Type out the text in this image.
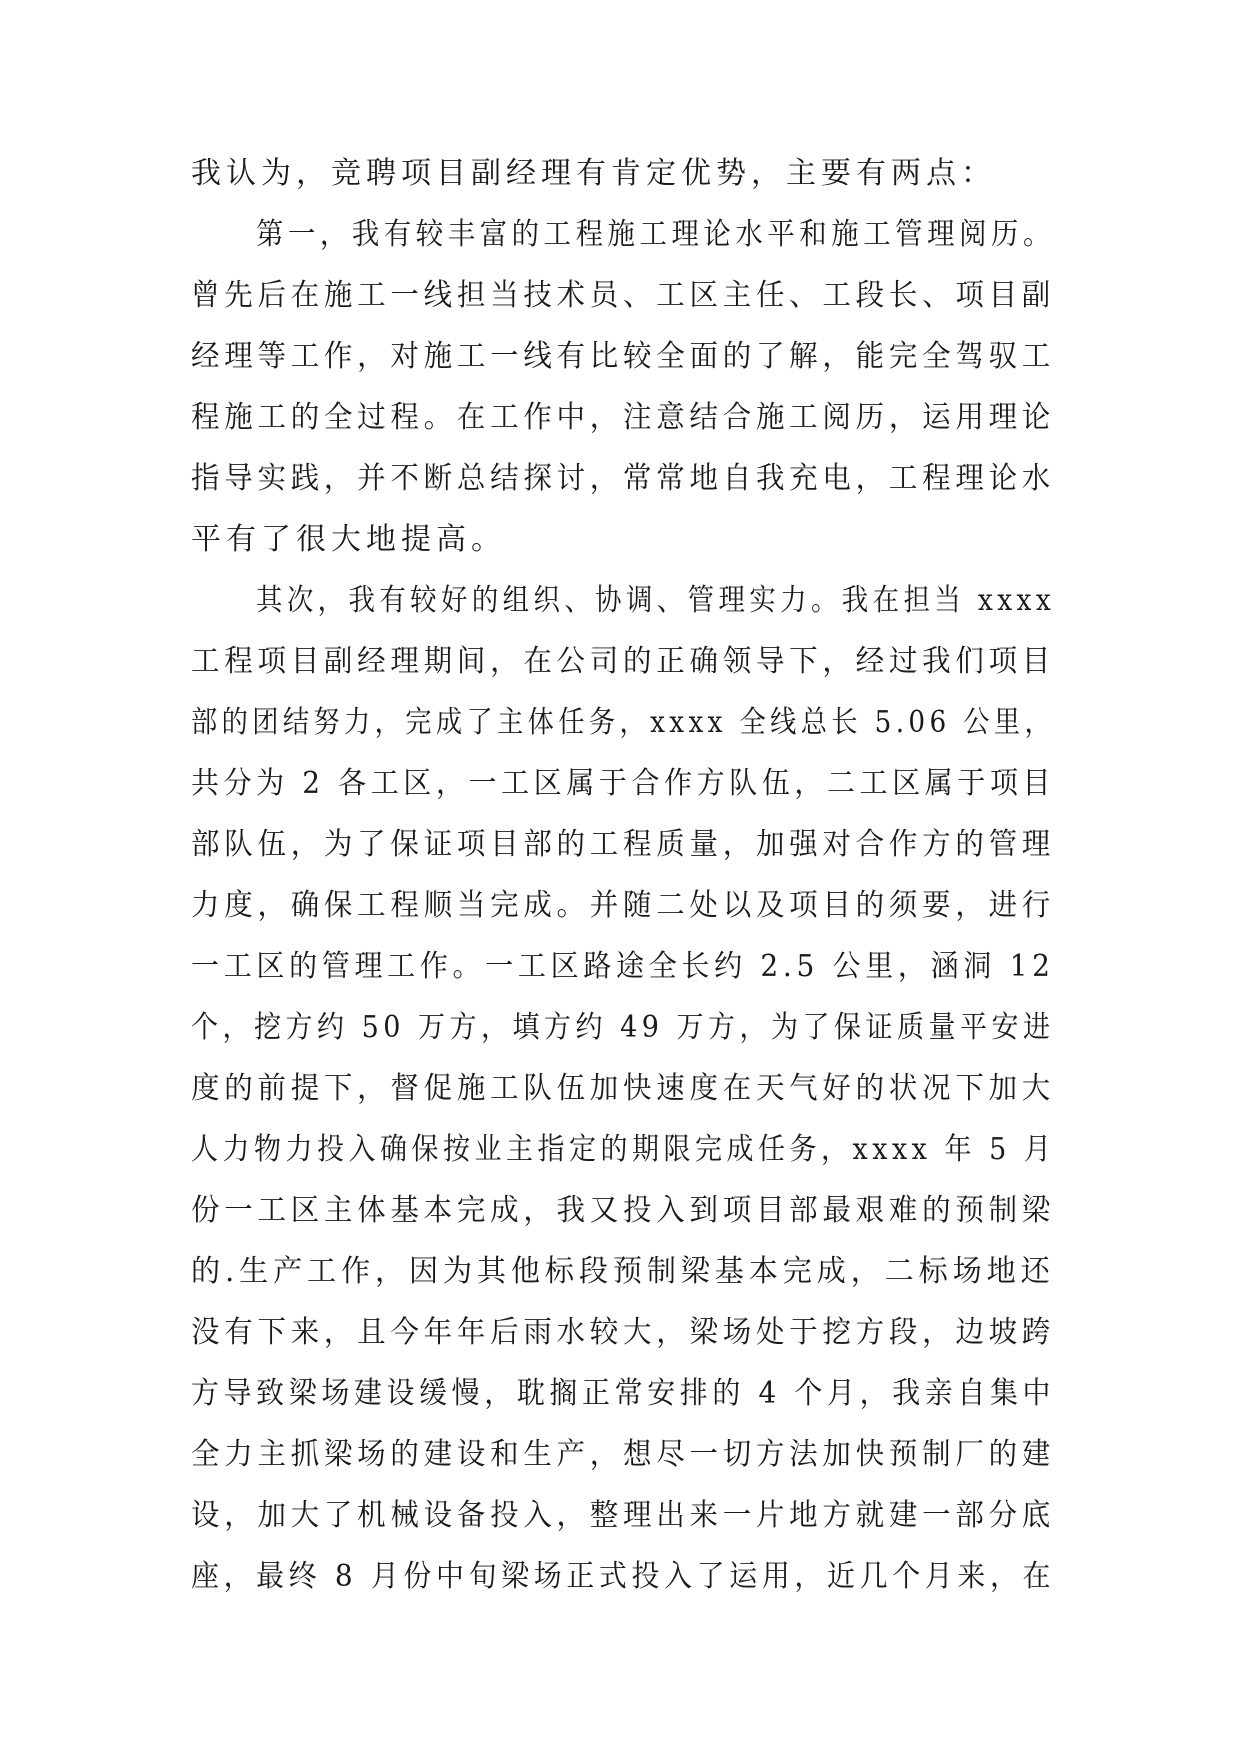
我认为，竞聘项目副经理有肯定优势，主要有两点：
第一，我有较丰富的工程施工理论水平和施工管理阅历。
曾先后在施工一线担当技术员、工区主任、工段长、项目副
经理等工作，对施工一线有比较全面的了解，能完全驾驭工
程施工的全过程。在工作中，注意结合施工阅历，运用理论
指导实践，并不断总结探讨，常常地自我充电，工程理论水
平有了很大地提高。
其次，我有较好的组织、协调、管理实力。我在担当 xxxx
工程项目副经理期间，在公司的正确领导下，经过我们项目
部的团结努力，完成了主体任务，xxxx 全线总长 5.06 公里，
共分为 2 各工区，一工区属于合作方队伍，二工区属于项目
部队伍，为了保证项目部的工程质量，加强对合作方的管理
力度，确保工程顺当完成。并随二处以及项目的须要，进行
一工区的管理工作。一工区路途全长约 2.5 公里，涵洞 12
个，挖方约 50 万方，填方约 49 万方，为了保证质量平安进
度的前提下，督促施工队伍加快速度在天气好的状况下加大
人力物力投入确保按业主指定的期限完成任务，xxxx 年 5 月
份一工区主体基本完成，我又投入到项目部最艰难的预制梁
的.生产工作，因为其他标段预制梁基本完成，二标场地还
没有下来，且今年年后雨水较大，梁场处于挖方段，边坡跨
方导致梁场建设缓慢，耽搁正常安排的 4 个月，我亲自集中
全力主抓梁场的建设和生产，想尽一切方法加快预制厂的建
设，加大了机械设备投入，整理出来一片地方就建一部分底
座，最终 8 月份中旬梁场正式投入了运用，近几个月来，在
